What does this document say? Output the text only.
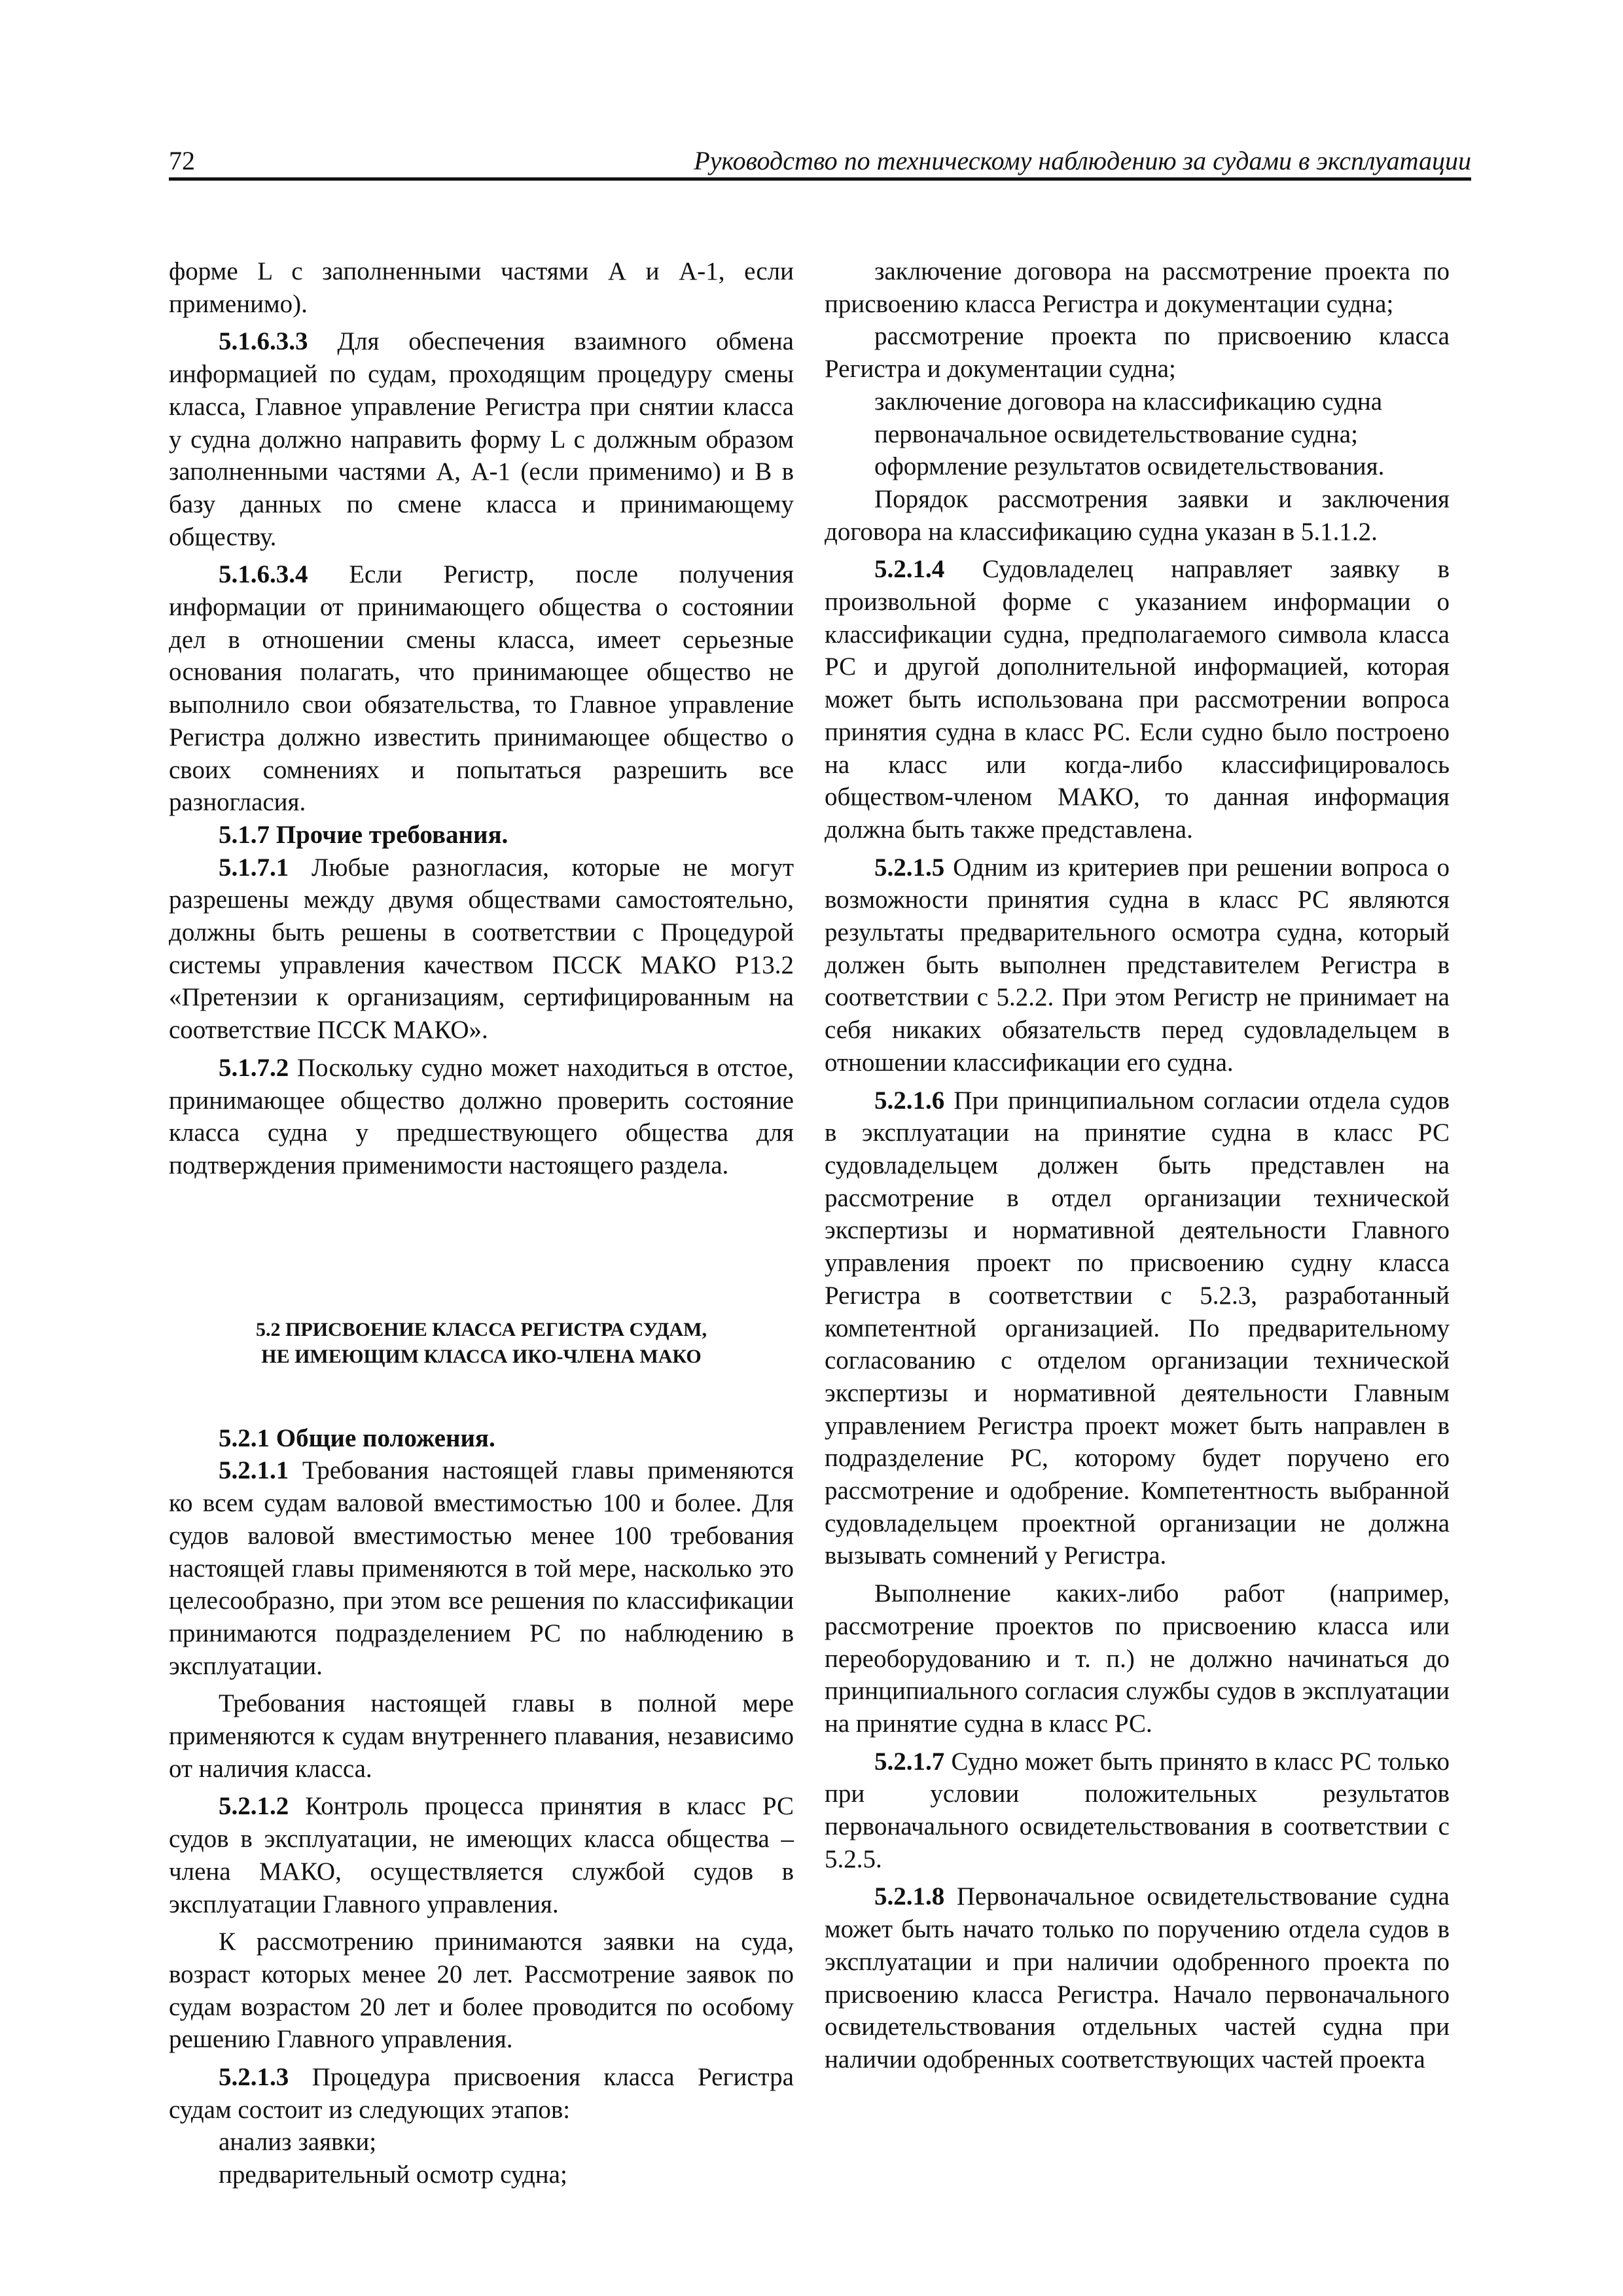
72	Руководство по техническому наблюдению за судами в эксплуатации

форме L с заполненными частями А и А-1, если применимо).

5.1.6.3.3 Для обеспечения взаимного обмена информацией по судам, проходящим процедуру смены класса, Главное управление Регистра при снятии класса у судна должно направить форму L с должным образом заполненными частями А, А-1 (если применимо) и В в базу данных по смене класса и принимающему обществу.

5.1.6.3.4 Если Регистр, после получения информации от принимающего общества о состоянии дел в отношении смены класса, имеет серьезные основания полагать, что принимающее общество не выполнило свои обязательства, то Главное управление Регистра должно известить принимающее общество о своих сомнениях и попытаться разрешить все разногласия.

5.1.7 Прочие требования.

5.1.7.1 Любые разногласия, которые не могут разрешены между двумя обществами самостоятельно, должны быть решены в соответствии с Процедурой системы управления качеством ПССК МАКО Р13.2 «Претензии к организациям, сертифицированным на соответствие ПССК МАКО».

5.1.7.2 Поскольку судно может находиться в отстое, принимающее общество должно проверить состояние класса судна у предшествующего общества для подтверждения применимости настоящего раздела.

5.2 ПРИСВОЕНИЕ КЛАССА РЕГИСТРА СУДАМ,
НЕ ИМЕЮЩИМ КЛАССА ИКО-ЧЛЕНА МАКО
5.2.1 Общие положения.

5.2.1.1 Требования настоящей главы применяются ко всем судам валовой вместимостью 100 и более. Для судов валовой вместимостью менее 100 требования настоящей главы применяются в той мере, насколько это целесообразно, при этом все решения по классификации принимаются подразделением РС по наблюдению в эксплуатации.

Требования настоящей главы в полной мере применяются к судам внутреннего плавания, независимо от наличия класса.

5.2.1.2 Контроль процесса принятия в класс РС судов в эксплуатации, не имеющих класса общества – члена МАКО, осуществляется службой судов в эксплуатации Главного управления.

К рассмотрению принимаются заявки на суда, возраст которых менее 20 лет. Рассмотрение заявок по судам возрастом 20 лет и более проводится по особому решению Главного управления.

5.2.1.3 Процедура присвоения класса Регистра судам состоит из следующих этапов:

анализ заявки;

предварительный осмотр судна;

заключение договора на рассмотрение проекта по присвоению класса Регистра и документации судна;

рассмотрение проекта по присвоению класса Регистра и документации судна;

заключение договора на классификацию судна

первоначальное освидетельствование судна;

оформление результатов освидетельствования.

Порядок рассмотрения заявки и заключения договора на классификацию судна указан в 5.1.1.2.

5.2.1.4 Судовладелец направляет заявку в произвольной форме с указанием информации о классификации судна, предполагаемого символа класса РС и другой дополнительной информацией, которая может быть использована при рассмотрении вопроса принятия судна в класс РС. Если судно было построено на класс или когда-либо классифицировалось обществом-членом МАКО, то данная информация должна быть также представлена.

5.2.1.5 Одним из критериев при решении вопроса о возможности принятия судна в класс РС являются результаты предварительного осмотра судна, который должен быть выполнен представителем Регистра в соответствии с 5.2.2. При этом Регистр не принимает на себя никаких обязательств перед судовладельцем в отношении классификации его судна.

5.2.1.6 При принципиальном согласии отдела судов в эксплуатации на принятие судна в класс РС судовладельцем должен быть представлен на рассмотрение в отдел организации технической экспертизы и нормативной деятельности Главного управления проект по присвоению судну класса Регистра в соответствии с 5.2.3, разработанный компетентной организацией. По предварительному согласованию с отделом организации технической экспертизы и нормативной деятельности Главным управлением Регистра проект может быть направлен в подразделение РС, которому будет поручено его рассмотрение и одобрение. Компетентность выбранной судовладельцем проектной организации не должна вызывать сомнений у Регистра.

Выполнение каких-либо работ (например, рассмотрение проектов по присвоению класса или переоборудованию и т. п.) не должно начинаться до принципиального согласия службы судов в эксплуатации на принятие судна в класс РС.

5.2.1.7 Судно может быть принято в класс РС только при условии положительных результатов первоначального освидетельствования в соответствии с 5.2.5.

5.2.1.8 Первоначальное освидетельствование судна может быть начато только по поручению отдела судов в эксплуатации и при наличии одобренного проекта по присвоению класса Регистра. Начало первоначального освидетельствования отдельных частей судна при наличии одобренных соответствующих частей проекта
